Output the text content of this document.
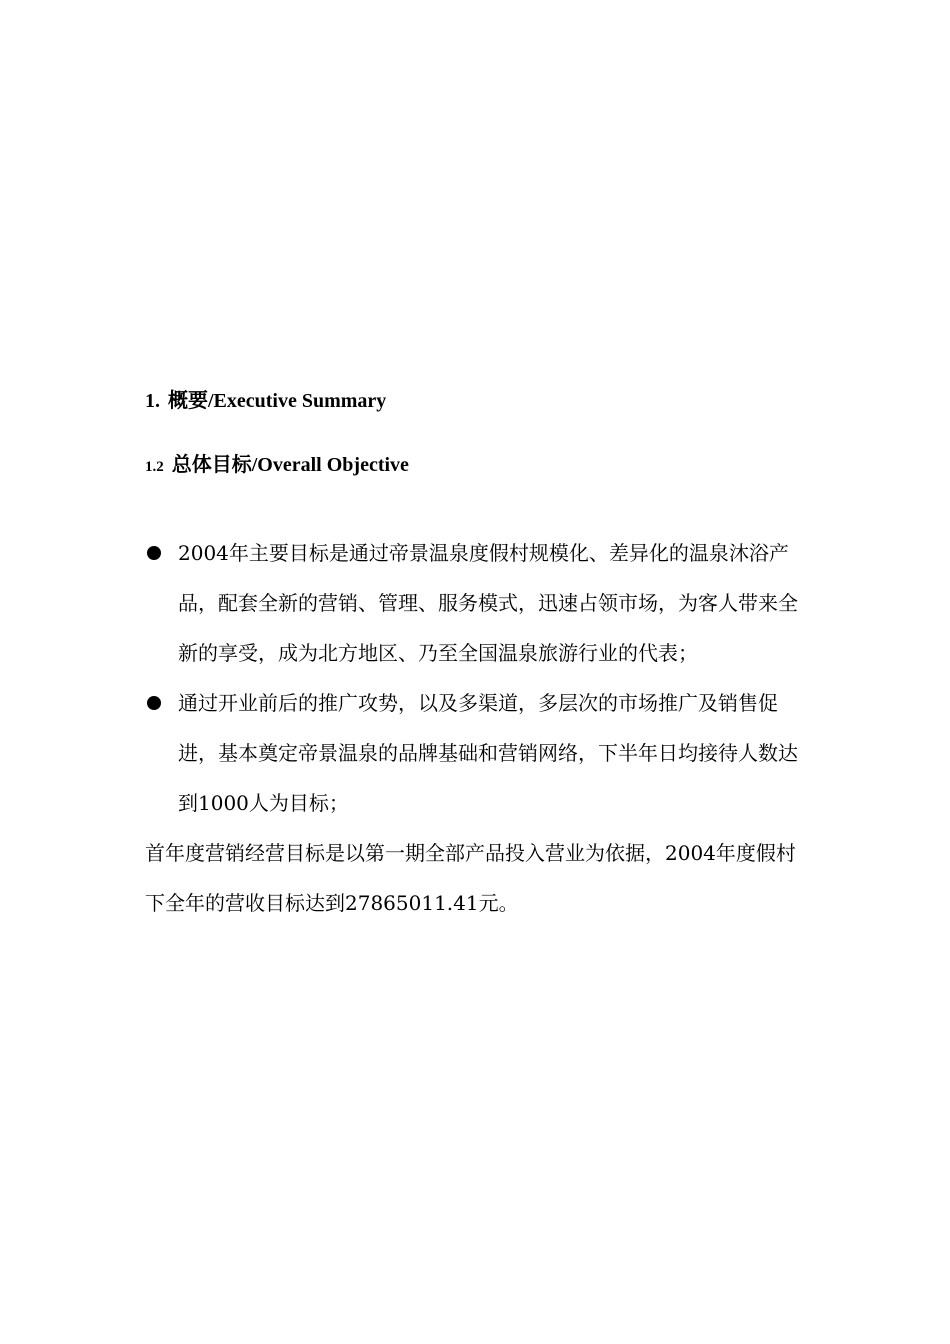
1. 概要/Executive Summary
1.2 总体目标/Overall Objective
2004年主要目标是通过帝景温泉度假村规模化、差异化的温泉沐浴产品，配套全新的营销、管理、服务模式，迅速占领市场，为客人带来全新的享受，成为北方地区、乃至全国温泉旅游行业的代表；
通过开业前后的推广攻势，以及多渠道，多层次的市场推广及销售促进，基本奠定帝景温泉的品牌基础和营销网络，下半年日均接待人数达到1000人为目标；

首年度营销经营目标是以第一期全部产品投入营业为依据，2004年度假村下全年的营收目标达到27865011.41元。
